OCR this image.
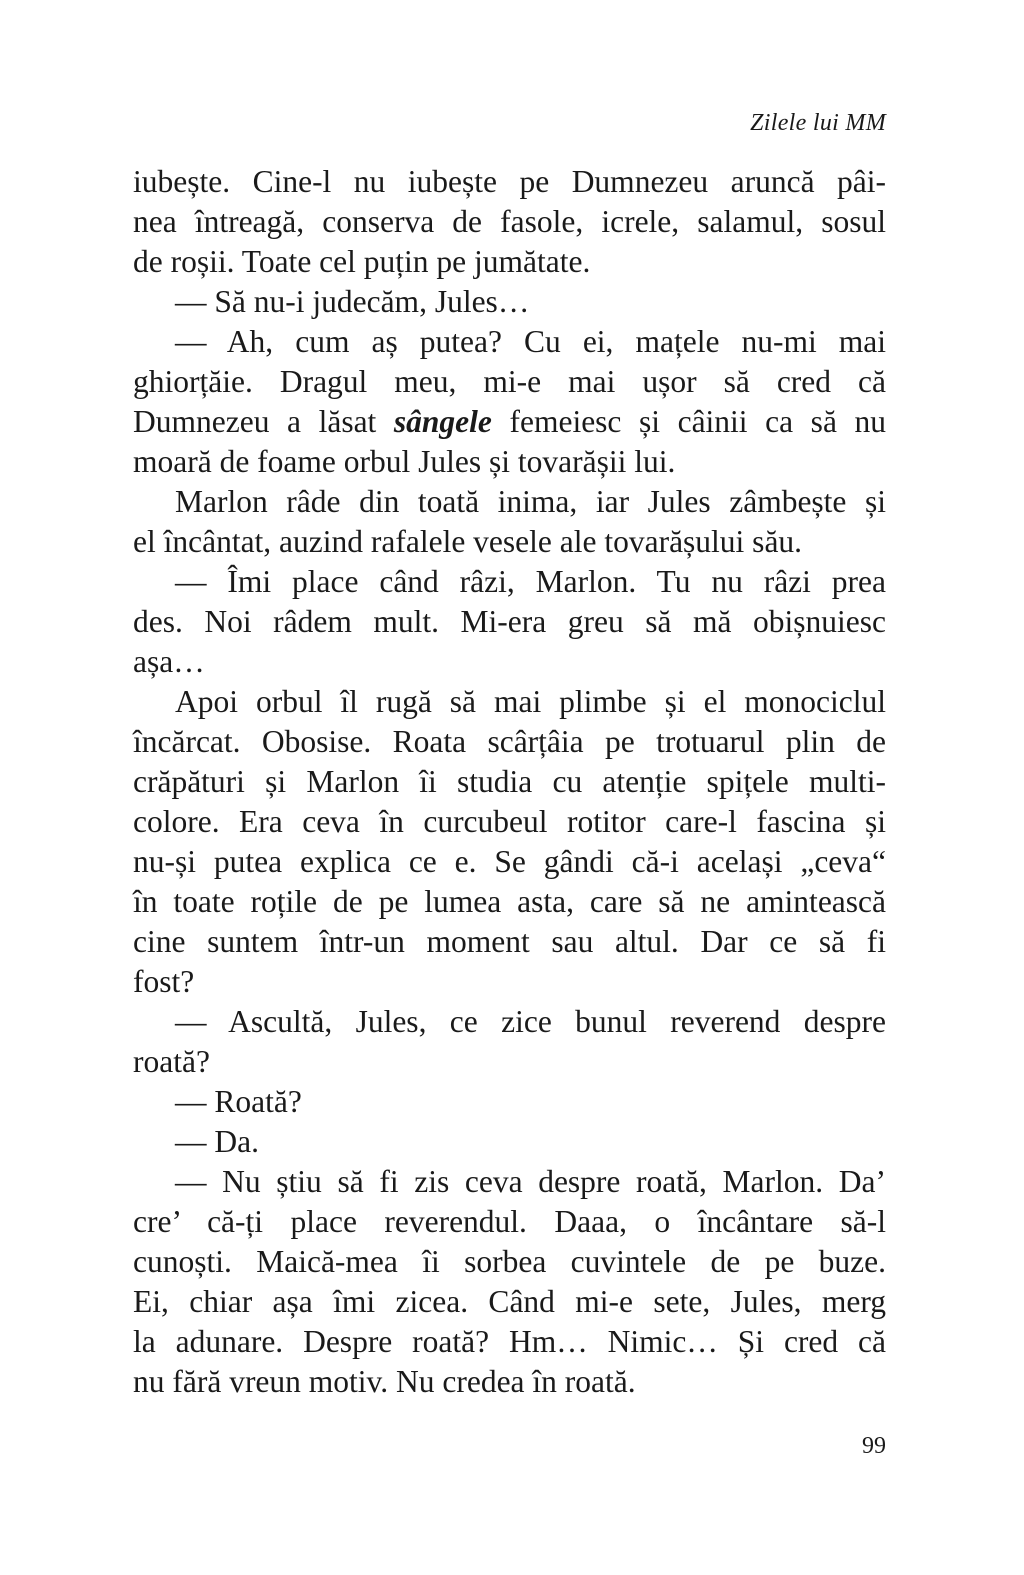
Zilele lui MM
iubește. Cine-l nu iubește pe Dumnezeu aruncă pâi-
nea întreagă, conserva de fasole, icrele, salamul, sosul
de roșii. Toate cel puțin pe jumătate.
— Să nu-i judecăm, Jules…
— Ah, cum aș putea? Cu ei, mațele nu-mi mai
ghiorțăie. Dragul meu, mi-e mai ușor să cred că
Dumnezeu a lăsat sângele femeiesc și câinii ca să nu
moară de foame orbul Jules și tovarășii lui.
Marlon râde din toată inima, iar Jules zâmbește și
el încântat, auzind rafalele vesele ale tovarășului său.
— Îmi place când râzi, Marlon. Tu nu râzi prea
des. Noi râdem mult. Mi-era greu să mă obișnuiesc
așa…
Apoi orbul îl rugă să mai plimbe și el monociclul
încărcat. Obosise. Roata scârțâia pe trotuarul plin de
crăpături și Marlon îi studia cu atenție spițele multi-
colore. Era ceva în curcubeul rotitor care-l fascina și
nu-și putea explica ce e. Se gândi că-i același „ceva“
în toate roțile de pe lumea asta, care să ne amintească
cine suntem într-un moment sau altul. Dar ce să fi
fost?
— Ascultă, Jules, ce zice bunul reverend despre
roată?
— Roată?
— Da.
— Nu știu să fi zis ceva despre roată, Marlon. Da’
cre’ că-ți place reverendul. Daaa, o încântare să-l
cunoști. Maică-mea îi sorbea cuvintele de pe buze.
Ei, chiar așa îmi zicea. Când mi-e sete, Jules, merg
la adunare. Despre roată? Hm… Nimic… Și cred că
nu fără vreun motiv. Nu credea în roată.
99
